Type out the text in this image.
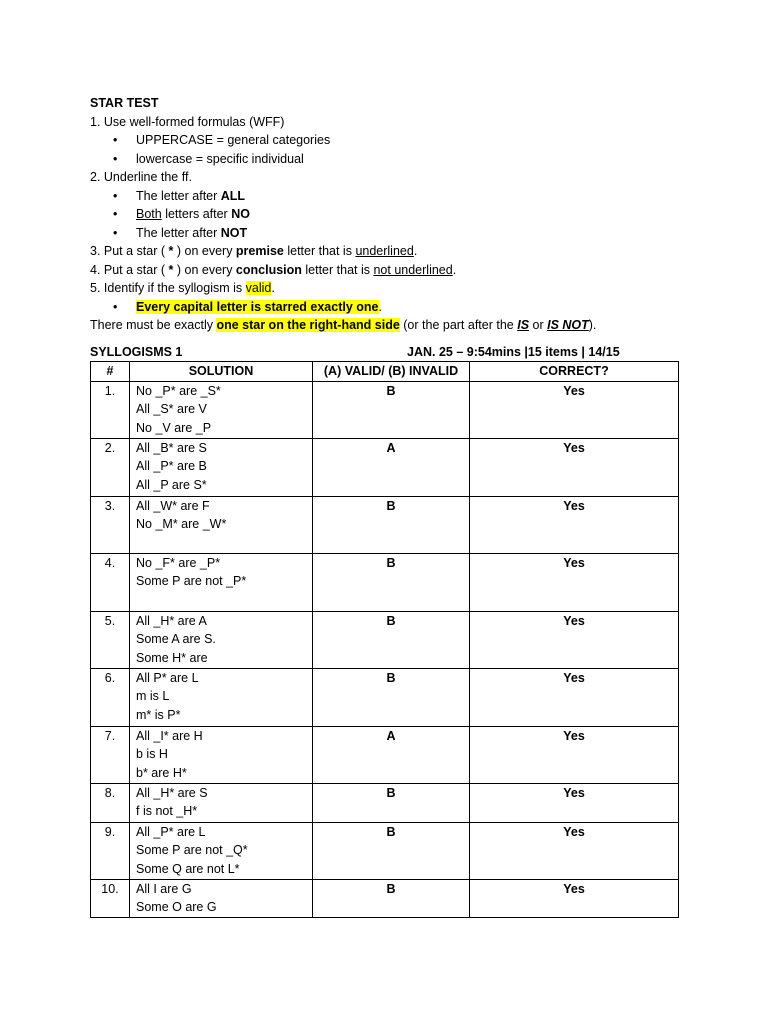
STAR TEST
1. Use well-formed formulas (WFF)
• UPPERCASE = general categories
• lowercase = specific individual
2. Underline the ff.
• The letter after ALL
• Both letters after NO
• The letter after NOT
3. Put a star ( * ) on every premise letter that is underlined.
4. Put a star ( * ) on every conclusion letter that is not underlined.
5. Identify if the syllogism is valid.
• Every capital letter is starred exactly one.
There must be exactly one star on the right-hand side (or the part after the IS or IS NOT).
SYLLOGISMS 1	JAN. 25 – 9:54mins |15 items | 14/15
#	SOLUTION	(A) VALID/ (B) INVALID	CORRECT?
1.	No _P* are _S*
All _S* are V
No _V are _P	B	Yes
2.	All _B* are S
All _P* are B
All _P are S*	A	Yes
3.	All _W* are F
No _M* are _W*	B	Yes
4.	No _F* are _P*
Some P are not _P*	B	Yes
5.	All _H* are A
Some A are S.
Some H* are	B	Yes
6.	All P* are L
m is L
m* is P*	B	Yes
7.	All _I* are H
b is H
b* are H*	A	Yes
8.	All _H* are S
f is not _H*	B	Yes
9.	All _P* are L
Some P are not _Q*
Some Q are not L*	B	Yes
10.	All I are G
Some O are G	B	Yes
